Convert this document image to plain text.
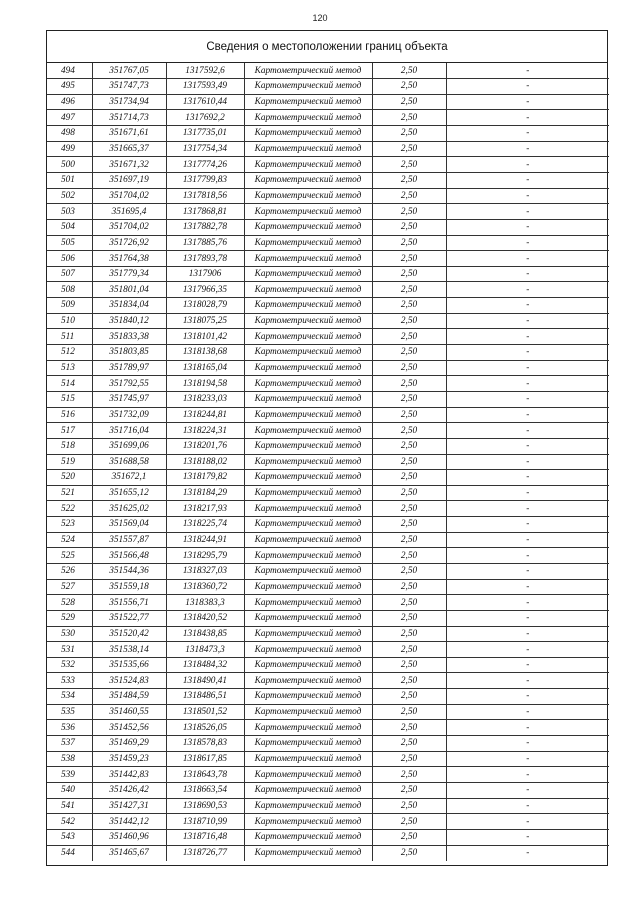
120
Сведения о местоположении границ объекта
494	351767,05	1317592,6	Картометрический метод	2,50	-
495	351747,73	1317593,49	Картометрический метод	2,50	-
496	351734,94	1317610,44	Картометрический метод	2,50	-
497	351714,73	1317692,2	Картометрический метод	2,50	-
498	351671,61	1317735,01	Картометрический метод	2,50	-
499	351665,37	1317754,34	Картометрический метод	2,50	-
500	351671,32	1317774,26	Картометрический метод	2,50	-
501	351697,19	1317799,83	Картометрический метод	2,50	-
502	351704,02	1317818,56	Картометрический метод	2,50	-
503	351695,4	1317868,81	Картометрический метод	2,50	-
504	351704,02	1317882,78	Картометрический метод	2,50	-
505	351726,92	1317885,76	Картометрический метод	2,50	-
506	351764,38	1317893,78	Картометрический метод	2,50	-
507	351779,34	1317906	Картометрический метод	2,50	-
508	351801,04	1317966,35	Картометрический метод	2,50	-
509	351834,04	1318028,79	Картометрический метод	2,50	-
510	351840,12	1318075,25	Картометрический метод	2,50	-
511	351833,38	1318101,42	Картометрический метод	2,50	-
512	351803,85	1318138,68	Картометрический метод	2,50	-
513	351789,97	1318165,04	Картометрический метод	2,50	-
514	351792,55	1318194,58	Картометрический метод	2,50	-
515	351745,97	1318233,03	Картометрический метод	2,50	-
516	351732,09	1318244,81	Картометрический метод	2,50	-
517	351716,04	1318224,31	Картометрический метод	2,50	-
518	351699,06	1318201,76	Картометрический метод	2,50	-
519	351688,58	1318188,02	Картометрический метод	2,50	-
520	351672,1	1318179,82	Картометрический метод	2,50	-
521	351655,12	1318184,29	Картометрический метод	2,50	-
522	351625,02	1318217,93	Картометрический метод	2,50	-
523	351569,04	1318225,74	Картометрический метод	2,50	-
524	351557,87	1318244,91	Картометрический метод	2,50	-
525	351566,48	1318295,79	Картометрический метод	2,50	-
526	351544,36	1318327,03	Картометрический метод	2,50	-
527	351559,18	1318360,72	Картометрический метод	2,50	-
528	351556,71	1318383,3	Картометрический метод	2,50	-
529	351522,77	1318420,52	Картометрический метод	2,50	-
530	351520,42	1318438,85	Картометрический метод	2,50	-
531	351538,14	1318473,3	Картометрический метод	2,50	-
532	351535,66	1318484,32	Картометрический метод	2,50	-
533	351524,83	1318490,41	Картометрический метод	2,50	-
534	351484,59	1318486,51	Картометрический метод	2,50	-
535	351460,55	1318501,52	Картометрический метод	2,50	-
536	351452,56	1318526,05	Картометрический метод	2,50	-
537	351469,29	1318578,83	Картометрический метод	2,50	-
538	351459,23	1318617,85	Картометрический метод	2,50	-
539	351442,83	1318643,78	Картометрический метод	2,50	-
540	351426,42	1318663,54	Картометрический метод	2,50	-
541	351427,31	1318690,53	Картометрический метод	2,50	-
542	351442,12	1318710,99	Картометрический метод	2,50	-
543	351460,96	1318716,48	Картометрический метод	2,50	-
544	351465,67	1318726,77	Картометрический метод	2,50	-
